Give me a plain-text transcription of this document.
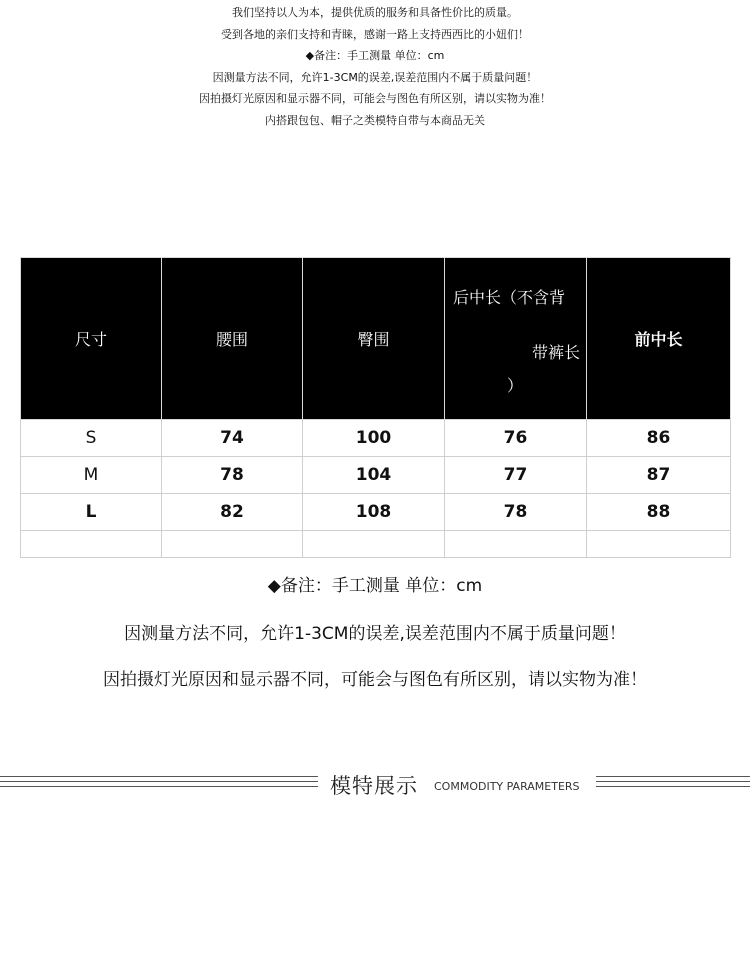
我们坚持以人为本，提供优质的服务和具备性价比的质量。
受到各地的亲们支持和青睐，感谢一路上支持西西比的小妞们！
◆备注：手工测量 单位：cm
因测量方法不同，允许1-3CM的误差,误差范围内不属于质量问题！
因拍摄灯光原因和显示器不同，可能会与图色有所区别，请以实物为准！
内搭跟包包、帽子之类模特自带与本商品无关
尺寸	腰围	臀围	后中长（不含背
带裤长
）	前中长
S	74	100	76	86
M	78	104	77	87
L	82	108	78	88

◆备注：手工测量 单位：cm
因测量方法不同，允许1-3CM的误差,误差范围内不属于质量问题！
因拍摄灯光原因和显示器不同，可能会与图色有所区别，请以实物为准！
模特展示 COMMODITY PARAMETERS
